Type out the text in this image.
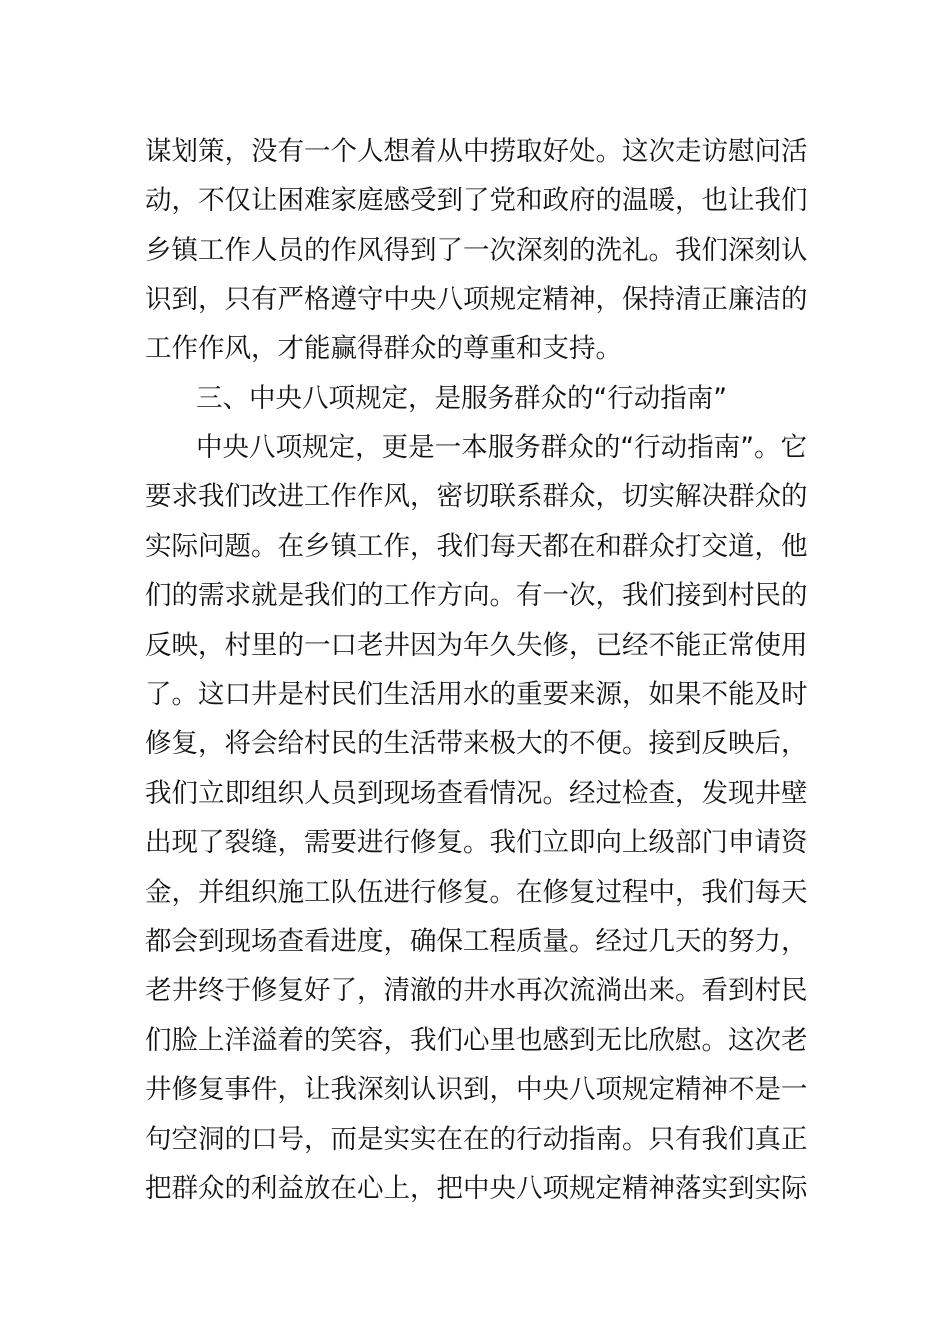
谋划策，没有一个人想着从中捞取好处。这次走访慰问活
动，不仅让困难家庭感受到了党和政府的温暖，也让我们
乡镇工作人员的作风得到了一次深刻的洗礼。我们深刻认
识到，只有严格遵守中央八项规定精神，保持清正廉洁的
工作作风，才能赢得群众的尊重和支持。
三、中央八项规定，是服务群众的“行动指南”
中央八项规定，更是一本服务群众的“行动指南”。它
要求我们改进工作作风，密切联系群众，切实解决群众的
实际问题。在乡镇工作，我们每天都在和群众打交道，他
们的需求就是我们的工作方向。有一次，我们接到村民的
反映，村里的一口老井因为年久失修，已经不能正常使用
了。这口井是村民们生活用水的重要来源，如果不能及时
修复，将会给村民的生活带来极大的不便。接到反映后，
我们立即组织人员到现场查看情况。经过检查，发现井壁
出现了裂缝，需要进行修复。我们立即向上级部门申请资
金，并组织施工队伍进行修复。在修复过程中，我们每天
都会到现场查看进度，确保工程质量。经过几天的努力，
老井终于修复好了，清澈的井水再次流淌出来。看到村民
们脸上洋溢着的笑容，我们心里也感到无比欣慰。这次老
井修复事件，让我深刻认识到，中央八项规定精神不是一
句空洞的口号，而是实实在在的行动指南。只有我们真正
把群众的利益放在心上，把中央八项规定精神落实到实际
